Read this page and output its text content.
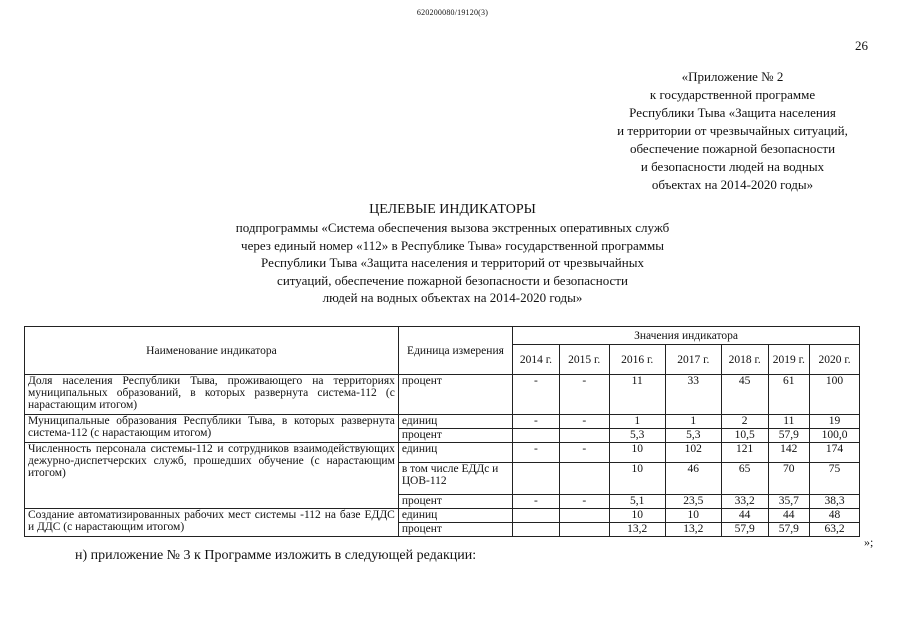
620200080/19120(3)
26
«Приложение № 2
к государственной программе
Республики Тыва «Защита населения
и территории от чрезвычайных ситуаций,
обеспечение пожарной безопасности
и безопасности людей на водных
объектах на 2014-2020 годы»
ЦЕЛЕВЫЕ ИНДИКАТОРЫ
подпрограммы «Система обеспечения вызова экстренных оперативных служб
через единый номер «112» в Республике Тыва» государственной программы
Республики Тыва «Защита населения и территорий от чрезвычайных
ситуаций, обеспечение пожарной безопасности и безопасности
людей на водных объектах на 2014-2020 годы»
Наименование индикатора	Единица измерения	Значения индикатора						
		2014 г.	2015 г.	2016 г.	2017 г.	2018 г.	2019 г.	2020 г.
Доля населения Республики Тыва, проживающего на территориях муниципальных образований, в которых развернута система-112 (с нарастающим итогом)	процент	-	-	11	33	45	61	100
Муниципальные образования Республики Тыва, в которых развернута система-112 (с нарастающим итогом)	единиц	-	-	1	1	2	11	19
	процент			5,3	5,3	10,5	57,9	100,0
Численность персонала системы-112 и сотрудников взаимодействующих дежурно-диспетчерских служб, прошедших обучение (с нарастающим итогом)	единиц	-	-	10	102	121	142	174
	в том числе ЕДДс и ЦОВ-112			10	46	65	70	75
	процент	-	-	5,1	23,5	33,2	35,7	38,3
Создание автоматизированных рабочих мест системы -112 на базе ЕДДС и ДДС (с нарастающим итогом)	единиц			10	10	44	44	48
	процент			13,2	13,2	57,9	57,9	63,2
»;
н) приложение № 3 к Программе изложить в следующей редакции:
